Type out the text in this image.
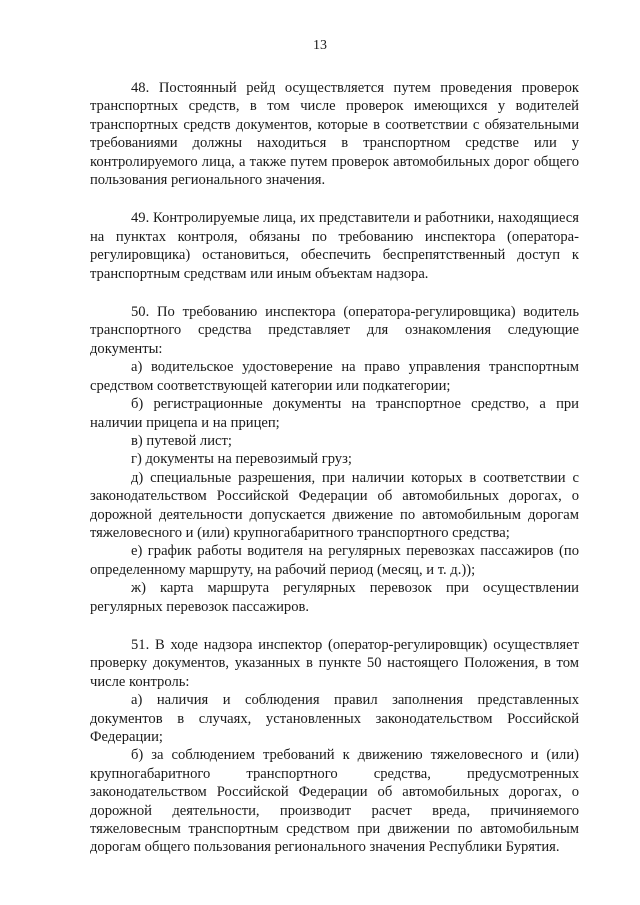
13

48. Постоянный рейд осуществляется путем проведения проверок транспортных средств, в том числе проверок имеющихся у водителей транспортных средств документов, которые в соответствии с обязательными требованиями должны находиться в транспортном средстве или у контролируемого лица, а также путем проверок автомобильных дорог общего пользования регионального значения.

49. Контролируемые лица, их представители и работники, находящиеся на пунктах контроля, обязаны по требованию инспектора (оператора-регулировщика) остановиться, обеспечить беспрепятственный доступ к транспортным средствам или иным объектам надзора.

50. По требованию инспектора (оператора-регулировщика) водитель транспортного средства представляет для ознакомления следующие документы:

а) водительское удостоверение на право управления транспортным средством соответствующей категории или подкатегории;

б) регистрационные документы на транспортное средство, а при наличии прицепа и на прицеп;

в) путевой лист;

г) документы на перевозимый груз;

д) специальные разрешения, при наличии которых в соответствии с законодательством Российской Федерации об автомобильных дорогах, о дорожной деятельности допускается движение по автомобильным дорогам тяжеловесного и (или) крупногабаритного транспортного средства;

е) график работы водителя на регулярных перевозках пассажиров (по определенному маршруту, на рабочий период (месяц, и т. д.));

ж) карта маршрута регулярных перевозок при осуществлении регулярных перевозок пассажиров.

51. В ходе надзора инспектор (оператор-регулировщик) осуществляет проверку документов, указанных в пункте 50 настоящего Положения, в том числе контроль:

а) наличия и соблюдения правил заполнения представленных документов в случаях, установленных законодательством Российской Федерации;

б) за соблюдением требований к движению тяжеловесного и (или) крупногабаритного транспортного средства, предусмотренных законодательством Российской Федерации об автомобильных дорогах, о дорожной деятельности, производит расчет вреда, причиняемого тяжеловесным транспортным средством при движении по автомобильным дорогам общего пользования регионального значения Республики Бурятия.
